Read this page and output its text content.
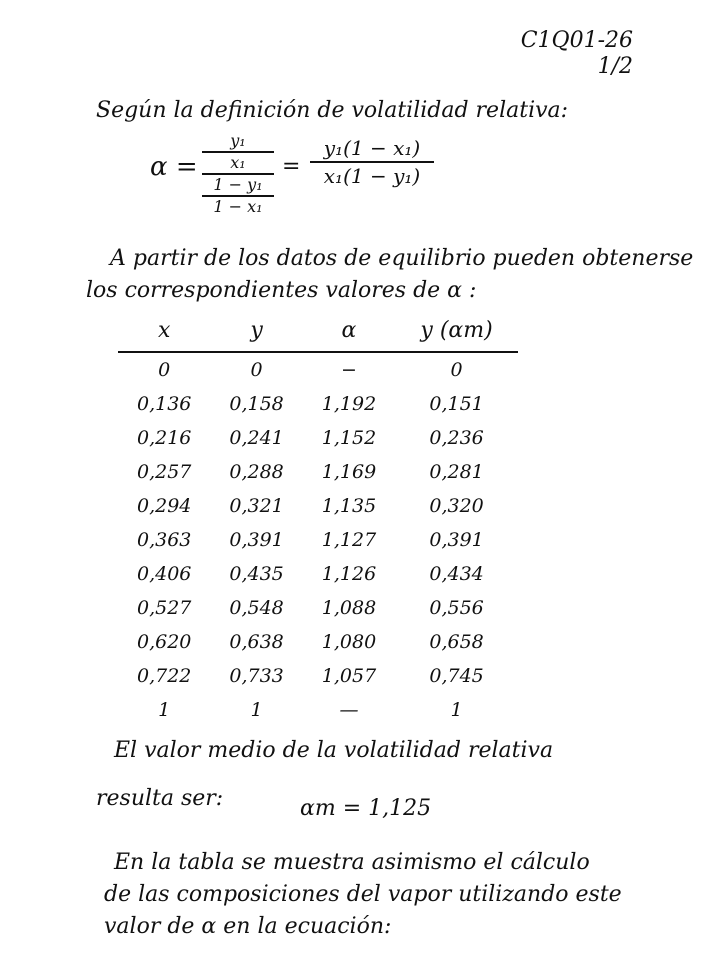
C1Q01-26
1/2
Según la definición de volatilidad relativa:
α =
y₁
x₁
1 − y₁
1 − x₁
=
y₁(1 − x₁)
x₁(1 − y₁)
A partir de los datos de equilibrio pueden obtenerse
los correspondientes valores de α :
x	y	α	y (αm)
0	0	−	0
0,136	0,158	1,192	0,151
0,216	0,241	1,152	0,236
0,257	0,288	1,169	0,281
0,294	0,321	1,135	0,320
0,363	0,391	1,127	0,391
0,406	0,435	1,126	0,434
0,527	0,548	1,088	0,556
0,620	0,638	1,080	0,658
0,722	0,733	1,057	0,745
1	1	—	1
El valor medio de la volatilidad relativa
resulta ser:	αm = 1,125
En la tabla se muestra asimismo el cálculo
de las composiciones del vapor utilizando este
valor de α en la ecuación:
